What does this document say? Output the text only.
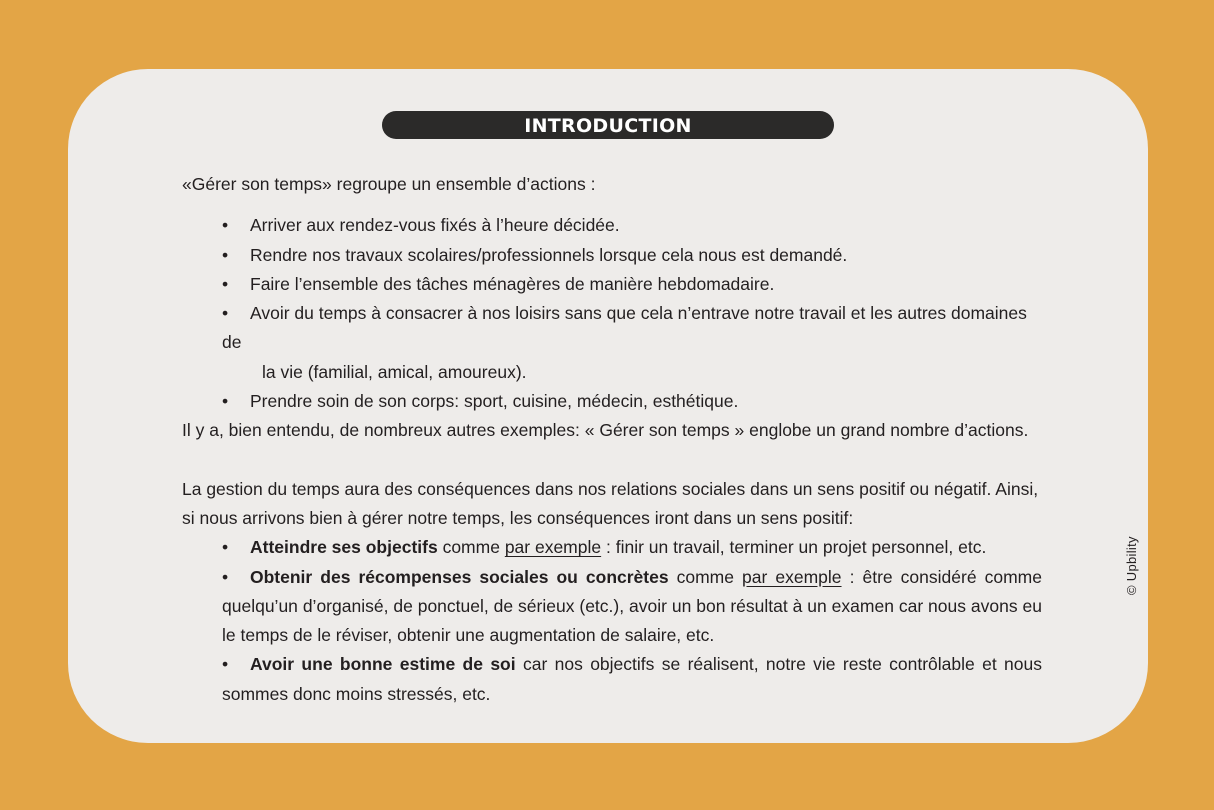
INTRODUCTION

«Gérer son temps» regroupe un ensemble d’actions :

• Arriver aux rendez-vous fixés à l’heure décidée.
• Rendre nos travaux scolaires/professionnels lorsque cela nous est demandé.
• Faire l’ensemble des tâches ménagères de manière hebdomadaire.
• Avoir du temps à consacrer à nos loisirs sans que cela n’entrave notre travail et les autres domaines de
la vie (familial, amical, amoureux).
• Prendre soin de son corps: sport, cuisine, médecin, esthétique.

Il y a, bien entendu, de nombreux autres exemples: « Gérer son temps » englobe un grand nombre d’actions.

La gestion du temps aura des conséquences dans nos relations sociales dans un sens positif ou négatif. Ainsi,
si nous arrivons bien à gérer notre temps, les conséquences iront dans un sens positif:

• Atteindre ses objectifs comme par exemple : finir un travail, terminer un projet personnel, etc.
• Obtenir des récompenses sociales ou concrètes comme par exemple : être considéré comme quelqu’un d’organisé, de ponctuel, de sérieux (etc.), avoir un bon résultat à un examen car nous avons eu le temps de le réviser, obtenir une augmentation de salaire, etc.
• Avoir une bonne estime de soi car nos objectifs se réalisent, notre vie reste contrôlable et nous sommes donc moins stressés, etc.
© Upbility
